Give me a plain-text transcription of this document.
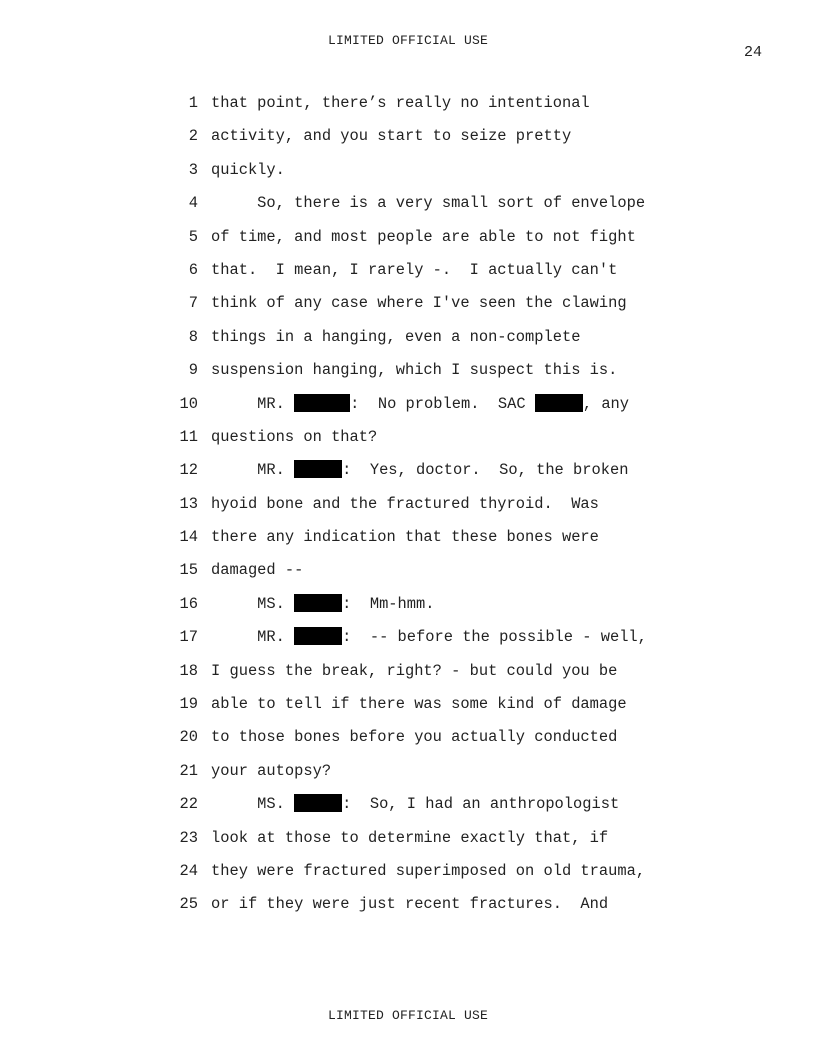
LIMITED OFFICIAL USE
24
1 that point, there’s really no intentional
2 activity, and you start to seize pretty
3 quickly.
4 So, there is a very small sort of envelope
5 of time, and most people are able to not fight
6 that.  I mean, I rarely -.  I actually can't
7 think of any case where I've seen the clawing
8 things in a hanging, even a non-complete
9 suspension hanging, which I suspect this is.
10 MR.	:  No problem.  SAC	, any
11 questions on that?
12 MR.	:  Yes, doctor.  So, the broken
13 hyoid bone and the fractured thyroid.  Was
14 there any indication that these bones were
15 damaged --
16 MS.	:  Mm-hmm.
17 MR.	:  -- before the possible - well,
18 I guess the break, right? - but could you be
19 able to tell if there was some kind of damage
20 to those bones before you actually conducted
21 your autopsy?
22 MS.	:  So, I had an anthropologist
23 look at those to determine exactly that, if
24 they were fractured superimposed on old trauma,
25 or if they were just recent fractures.  And
LIMITED OFFICIAL USE
